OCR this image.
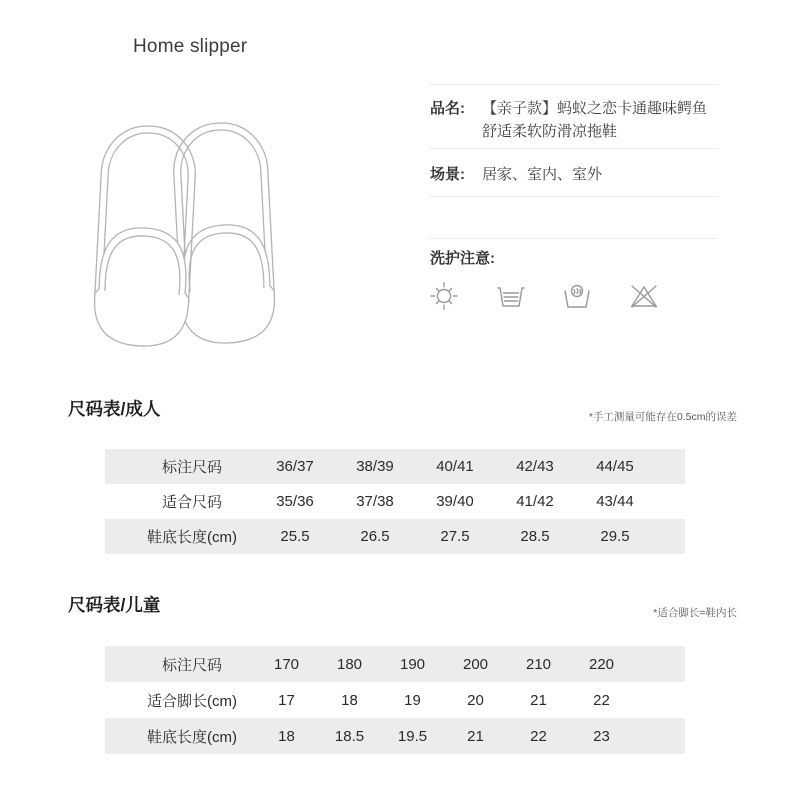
Home slipper
品名:	【亲子款】蚂蚁之恋卡通趣味鳄鱼舒适柔软防滑凉拖鞋
场景:	居家、室内、室外
洗护注意:
尺码表/成人	*手工测量可能存在0.5cm的误差
标注尺码	36/37	38/39	40/41	42/43	44/45
适合尺码	35/36	37/38	39/40	41/42	43/44
鞋底长度(cm)	25.5	26.5	27.5	28.5	29.5
尺码表/儿童	*适合脚长=鞋内长
标注尺码	170	180	190	200	210	220
适合脚长(cm)	17	18	19	20	21	22
鞋底长度(cm)	18	18.5	19.5	21	22	23
